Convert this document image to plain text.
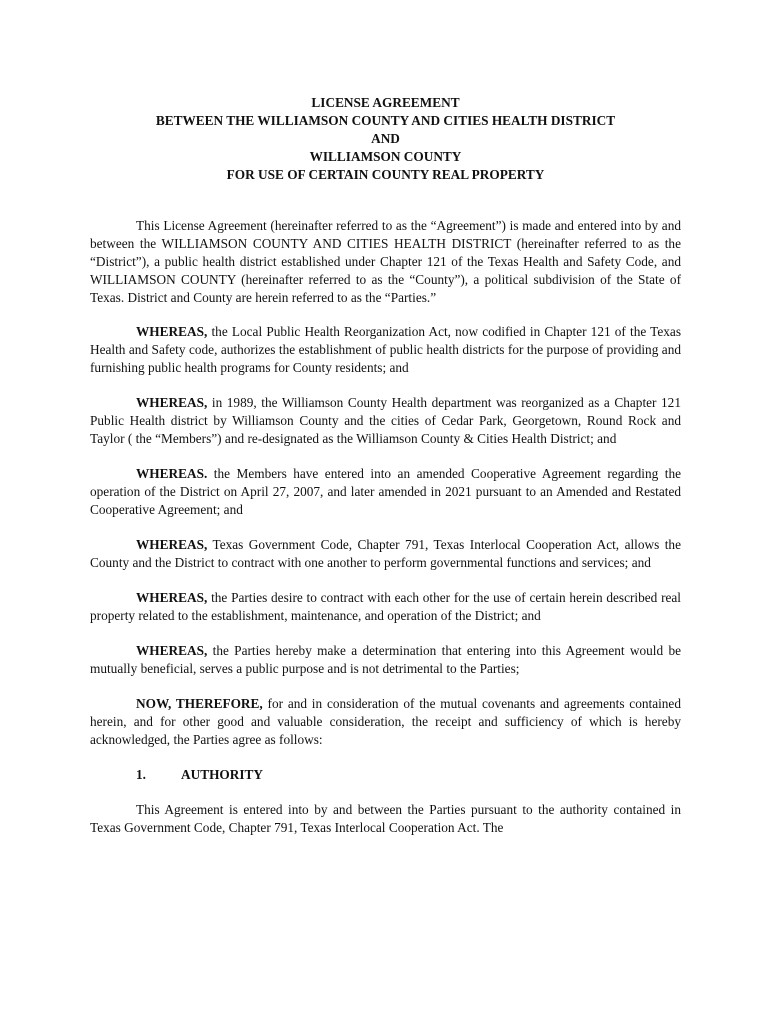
LICENSE AGREEMENT
BETWEEN THE WILLIAMSON COUNTY AND CITIES HEALTH DISTRICT
AND
WILLIAMSON COUNTY
FOR USE OF CERTAIN COUNTY REAL PROPERTY

This License Agreement (hereinafter referred to as the “Agreement”) is made and entered into by and between the WILLIAMSON COUNTY AND CITIES HEALTH DISTRICT (hereinafter referred to as the “District”), a public health district established under Chapter 121 of the Texas Health and Safety Code, and WILLIAMSON COUNTY (hereinafter referred to as the “County”), a political subdivision of the State of Texas. District and County are herein referred to as the “Parties.”

WHEREAS, the Local Public Health Reorganization Act, now codified in Chapter 121 of the Texas Health and Safety code, authorizes the establishment of public health districts for the purpose of providing and furnishing public health programs for County residents; and

WHEREAS, in 1989, the Williamson County Health department was reorganized as a Chapter 121 Public Health district by Williamson County and the cities of Cedar Park, Georgetown, Round Rock and Taylor ( the “Members”) and re-designated as the Williamson County & Cities Health District; and

WHEREAS. the Members have entered into an amended Cooperative Agreement regarding the operation of the District on April 27, 2007, and later amended in 2021 pursuant to an Amended and Restated Cooperative Agreement; and

WHEREAS, Texas Government Code, Chapter 791, Texas Interlocal Cooperation Act, allows the County and the District to contract with one another to perform governmental functions and services; and

WHEREAS, the Parties desire to contract with each other for the use of certain herein described real property related to the establishment, maintenance, and operation of the District; and

WHEREAS, the Parties hereby make a determination that entering into this Agreement would be mutually beneficial, serves a public purpose and is not detrimental to the Parties;

NOW, THEREFORE, for and in consideration of the mutual covenants and agreements contained herein, and for other good and valuable consideration, the receipt and sufficiency of which is hereby acknowledged, the Parties agree as follows:

1.	AUTHORITY

This Agreement is entered into by and between the Parties pursuant to the authority contained in Texas Government Code, Chapter 791, Texas Interlocal Cooperation Act. The
